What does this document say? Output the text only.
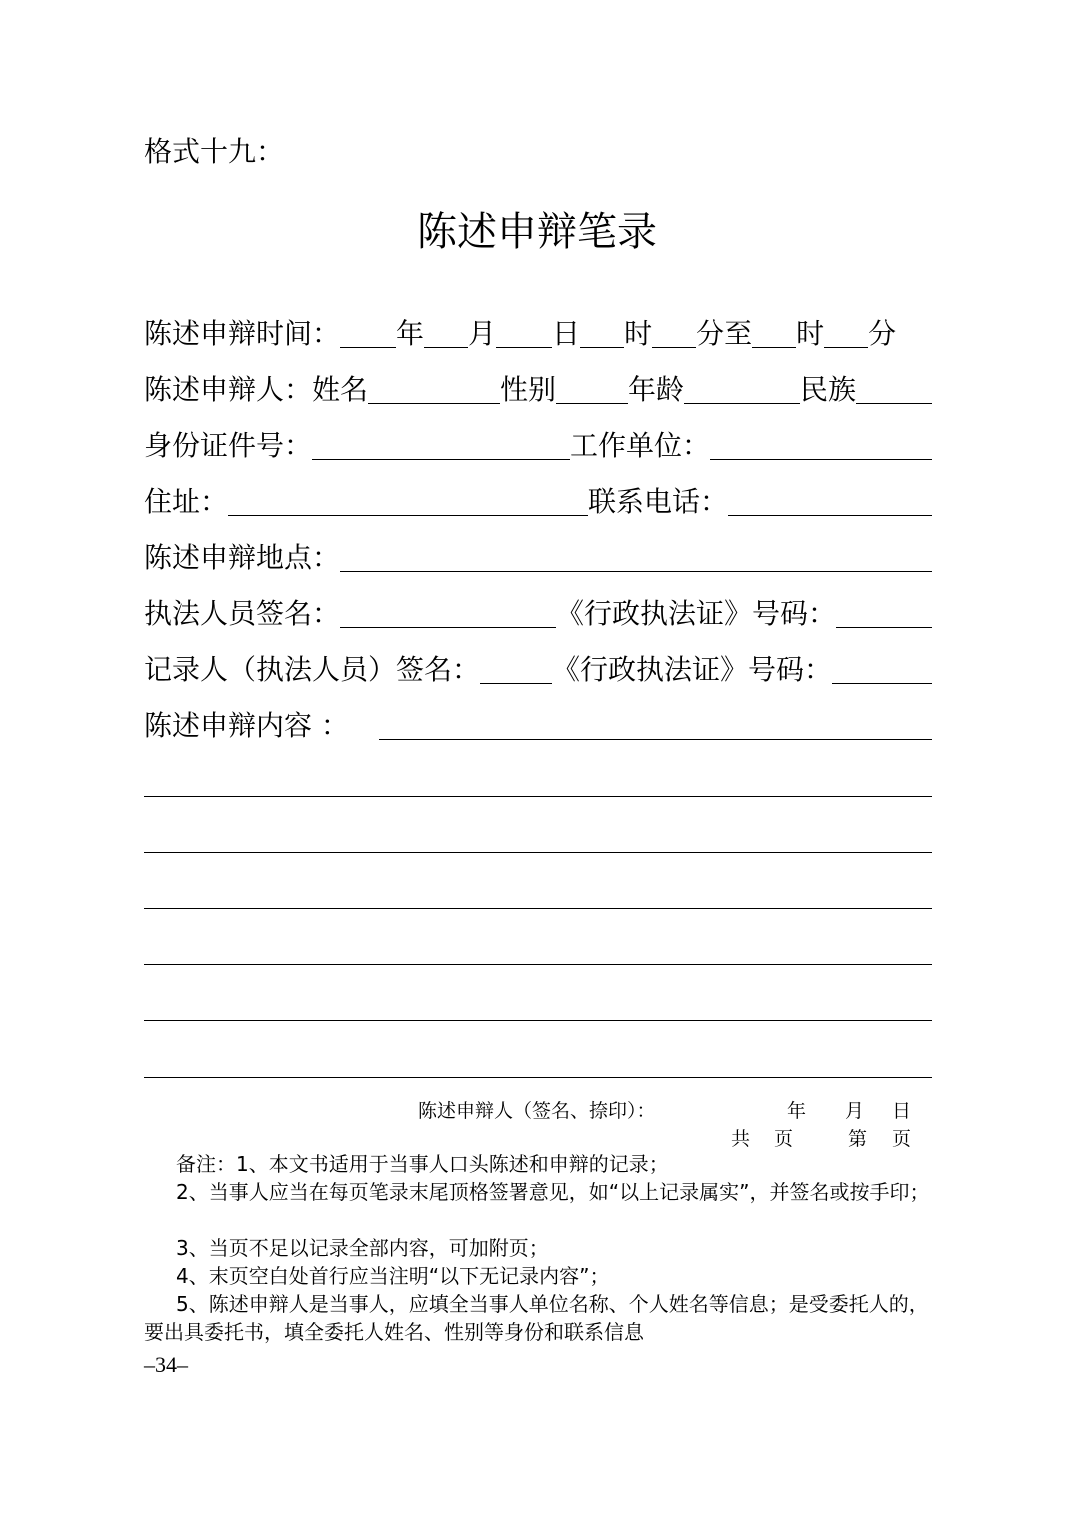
格式十九：
陈述申辩笔录
陈述申辩时间： 年 月 日 时 分至 时 分
陈述申辩人：姓名	性别	年龄	民族
身份证件号：	工作单位：
住址：	联系电话：
陈述申辩地点：
执法人员签名：	《行政执法证》号码：
记录人（执法人员）签名：	《行政执法证》号码：
陈述申辩内容 ：
陈述申辩人（签名、捺印）：	年 月 日
共 页	第 页
备注：1、本文书适用于当事人口头陈述和申辩的记录；
2、当事人应当在每页笔录末尾顶格签署意见，如“以上记录属实”，并签名或按手印；
3、当页不足以记录全部内容，可加附页；
4、末页空白处首行应当注明“以下无记录内容”；
5、陈述申辩人是当事人，应填全当事人单位名称、个人姓名等信息；是受委托人的，要出具委托书，填全委托人姓名、性别等身份和联系信息
–34–
